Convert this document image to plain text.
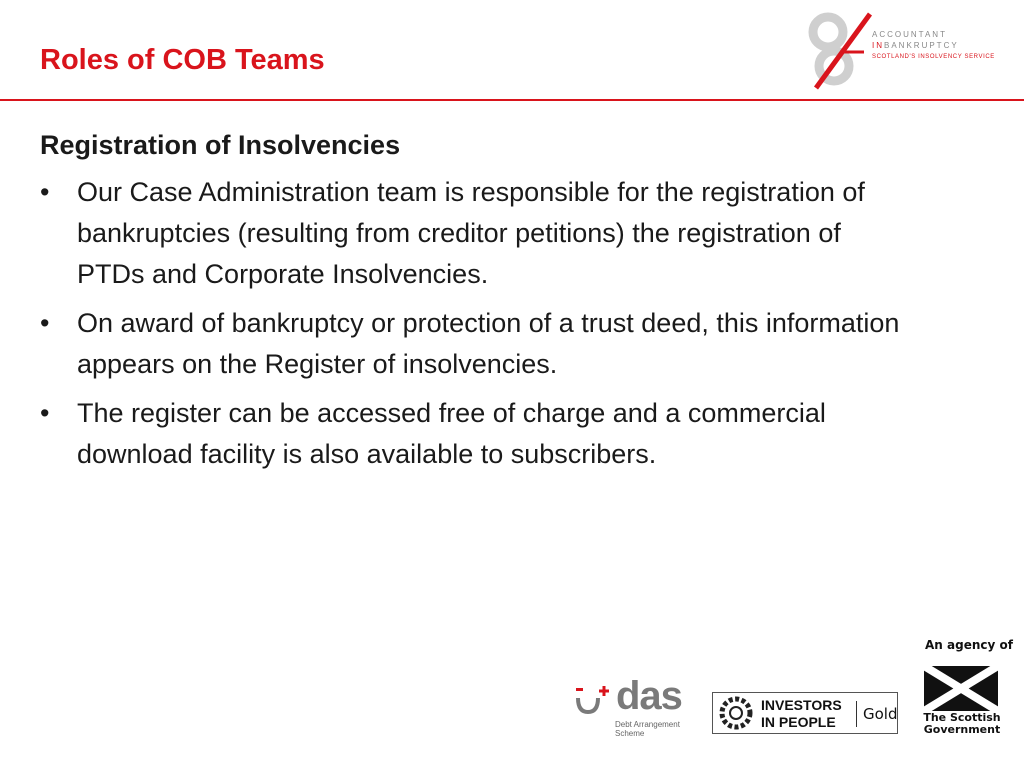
Roles of COB Teams
ACCOUNTANT
INBANKRUPTCY
SCOTLAND'S INSOLVENCY SERVICE
Registration of Insolvencies
• Our Case Administration team is responsible for the registration of bankruptcies (resulting from creditor petitions) the registration of PTDs and Corporate Insolvencies.
• On award of bankruptcy or protection of a trust deed, this information appears on the Register of insolvencies.
• The register can be accessed free of charge and a commercial download facility is also available to subscribers.
das
Debt Arrangement
Scheme
INVESTORS
IN PEOPLE	Gold
An agency of
The Scottish
Government
